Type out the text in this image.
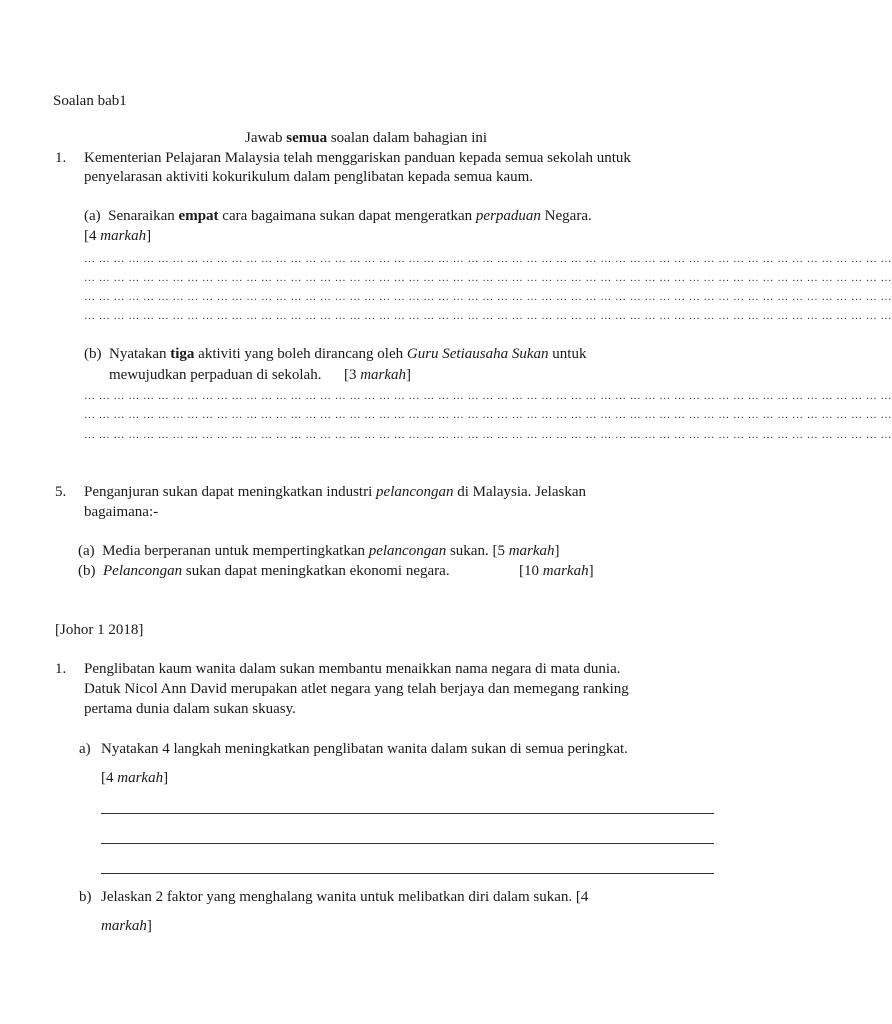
Soalan bab1
Jawab semua soalan dalam bahagian ini
1. Kementerian Pelajaran Malaysia telah menggariskan panduan kepada semua sekolah untuk
penyelarasan aktiviti kokurikulum dalam penglibatan kepada semua kaum.
(a) Senaraikan empat cara bagaimana sukan dapat mengeratkan perpaduan Negara.
[4 markah]
… … … … … … … … … … … … … … … … … … … … … … … … … … … … … … … … … … … … … … … … … … … … … … … … … … … … … … …
… … … … … … … … … … … … … … … … … … … … … … … … … … … … … … … … … … … … … … … … … … … … … … … … … … … … … … …
… … … … … … … … … … … … … … … … … … … … … … … … … … … … … … … … … … … … … … … … … … … … … … … … … … … … … … …
… … … … … … … … … … … … … … … … … … … … … … … … … … … … … … … … … … … … … … … … … … … … … … … … … … … … … … …
(b) Nyatakan tiga aktiviti yang boleh dirancang oleh Guru Setiausaha Sukan untuk
mewujudkan perpaduan di sekolah. [3 markah]
… … … … … … … … … … … … … … … … … … … … … … … … … … … … … … … … … … … … … … … … … … … … … … … … … … … … … … …
… … … … … … … … … … … … … … … … … … … … … … … … … … … … … … … … … … … … … … … … … … … … … … … … … … … … … … …
… … … … … … … … … … … … … … … … … … … … … … … … … … … … … … … … … … … … … … … … … … … … … … … … … … … … … … …
5. Penganjuran sukan dapat meningkatkan industri pelancongan di Malaysia. Jelaskan
bagaimana:-
(a) Media berperanan untuk mempertingkatkan pelancongan sukan. [5 markah]
(b) Pelancongan sukan dapat meningkatkan ekonomi negara.	[10 markah]
[Johor 1 2018]
1. Penglibatan kaum wanita dalam sukan membantu menaikkan nama negara di mata dunia.
Datuk Nicol Ann David merupakan atlet negara yang telah berjaya dan memegang ranking
pertama dunia dalam sukan skuasy.
a) Nyatakan 4 langkah meningkatkan penglibatan wanita dalam sukan di semua peringkat.
[4 markah]
b) Jelaskan 2 faktor yang menghalang wanita untuk melibatkan diri dalam sukan. [4
markah]
